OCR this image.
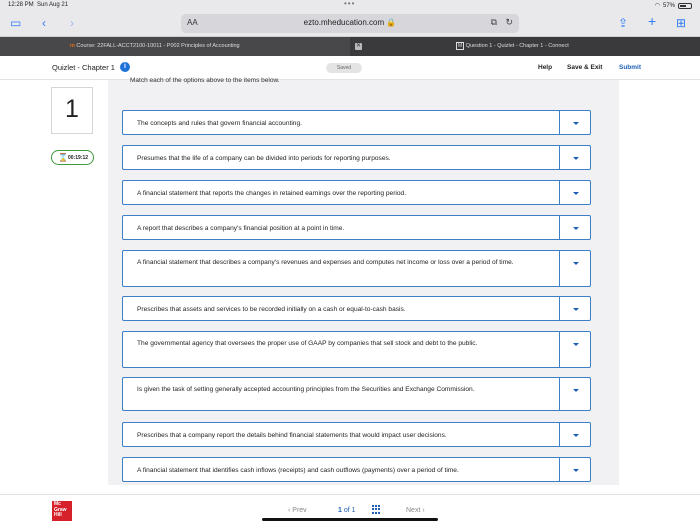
12:28 PM Sun Aug 21	•••	◠ 57%
▭ ‹ ›	AA	ezto.mheducation.com 🔒	⧉ ↻	⇪ + ⊞
m Course: 22FALL-ACCT2100-10011 - P002 Principles of Accounting	✕	M Question 1 - Quizlet - Chapter 1 - Connect
Quizlet - Chapter 1	i	Saved	Help Save & Exit	Submit
Match each of the options above to the items below.
1
⌛ 00:19:12
The concepts and rules that govern financial accounting.
Presumes that the life of a company can be divided into periods for reporting purposes.
A financial statement that reports the changes in retained earnings over the reporting period.
A report that describes a company's financial position at a point in time.
A financial statement that describes a company's revenues and expenses and computes net income or loss over a period of time.
Prescribes that assets and services to be recorded initially on a cash or equal-to-cash basis.
The governmental agency that oversees the proper use of GAAP by companies that sell stock and debt to the public.
Is given the task of setting generally accepted accounting principles from the Securities and Exchange Commission.
Prescribes that a company report the details behind financial statements that would impact user decisions.
A financial statement that identifies cash inflows (receipts) and cash outflows (payments) over a period of time.
Mc
Graw
Hill
‹ Prev	1 of 1	Next ›
